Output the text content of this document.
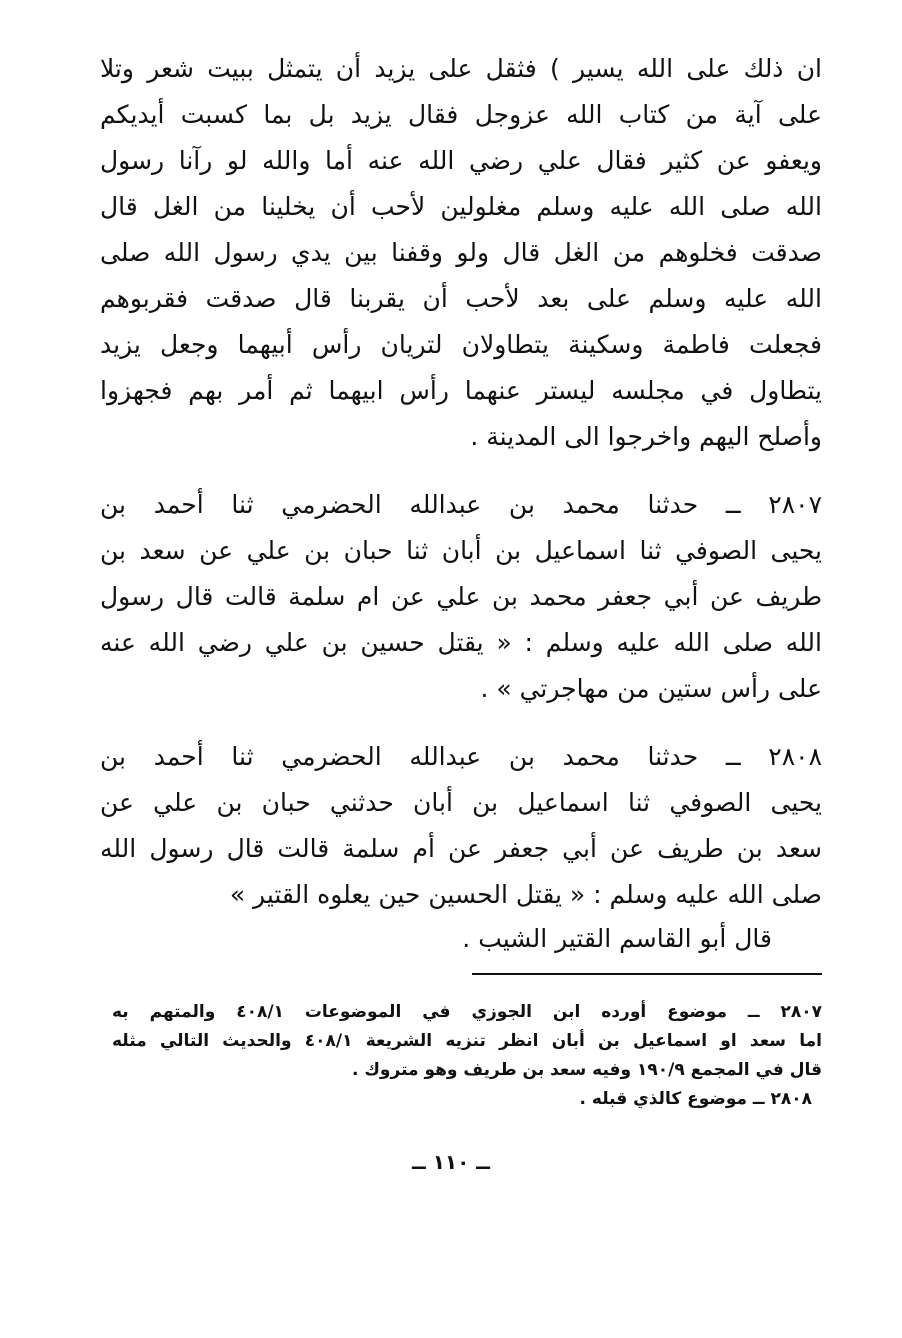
ان ذلك على الله يسير ) فثقل على يزيد أن يتمثل ببيت شعر وتلا
على آية من كتاب الله عزوجل فقال يزيد بل بما كسبت أيديكم
ويعفو عن كثير فقال علي رضي الله عنه أما والله لو رآنا رسول
الله صلى الله عليه وسلم مغلولين لأحب أن يخلينا من الغل قال
صدقت فخلوهم من الغل قال ولو وقفنا بين يدي رسول الله صلى
الله عليه وسلم على بعد لأحب أن يقربنا قال صدقت فقربوهم
فجعلت فاطمة وسكينة يتطاولان لتريان رأس أبيهما وجعل يزيد
يتطاول في مجلسه ليستر عنهما رأس ابيهما ثم أمر بهم فجهزوا
وأصلح اليهم واخرجوا الى المدينة .
٢٨٠٧ ــ حدثنا محمد بن عبدالله الحضرمي ثنا أحمد بن
يحيى الصوفي ثنا اسماعيل بن أبان ثنا حبان بن علي عن سعد بن
طريف عن أبي جعفر محمد بن علي عن ام سلمة قالت قال رسول
الله صلى الله عليه وسلم : « يقتل حسين بن علي رضي الله عنه
على رأس ستين من مهاجرتي » .
٢٨٠٨ ــ حدثنا محمد بن عبدالله الحضرمي ثنا أحمد بن
يحيى الصوفي ثنا اسماعيل بن أبان حدثني حبان بن علي عن
سعد بن طريف عن أبي جعفر عن أم سلمة قالت قال رسول الله
صلى الله عليه وسلم : « يقتل الحسين حين يعلوه القتير »
قال أبو القاسم القتير الشيب .
٢٨٠٧ ــ موضوع أورده ابن الجوزي في الموضوعات ٤٠٨/١ والمتهم به
اما سعد او اسماعيل بن أبان انظر تنزيه الشريعة ٤٠٨/١ والحديث التالي مثله
قال في المجمع ١٩٠/٩ وفيه سعد بن طريف وهو متروك .
٢٨٠٨ ــ موضوع كالذي قبله .
ــ ١١٠ ــ
